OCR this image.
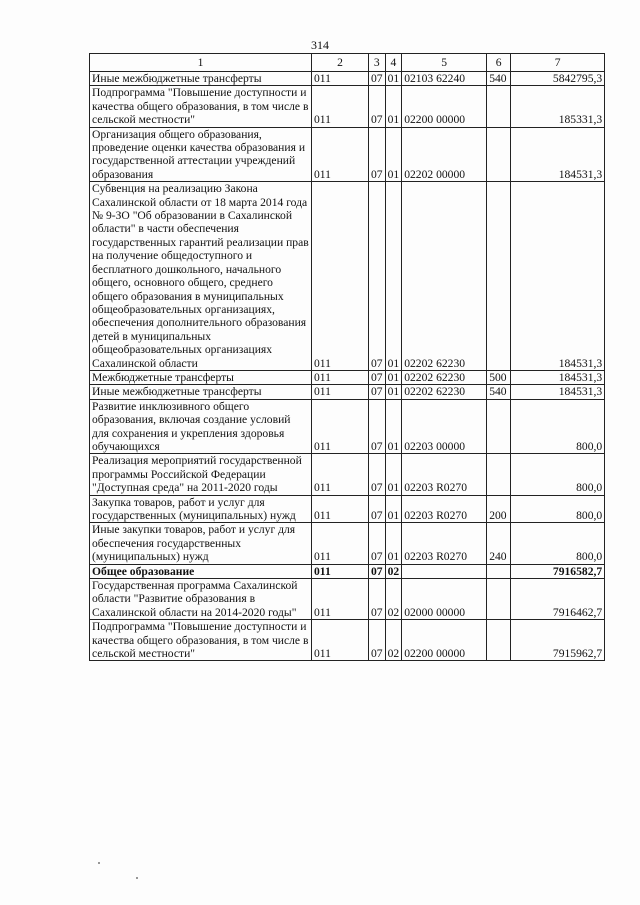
314
1	2	3	4	5	6	7
Иные межбюджетные трансферты	011	07	01	02103 62240	540	5842795,3
Подпрограмма "Повышение доступности и качества общего образования, в том числе в сельской местности"	011	07	01	02200 00000		185331,3
Организация общего образования, проведение оценки качества образования и государственной аттестации учреждений образования	011	07	01	02202 00000		184531,3
Субвенция на реализацию Закона Сахалинской области от 18 марта 2014 года № 9-ЗО "Об образовании в Сахалинской области" в части обеспечения государственных гарантий реализации прав на получение общедоступного и бесплатного дошкольного, начального общего, основного общего, среднего общего образования в муниципальных общеобразовательных организациях, обеспечения дополнительного образования детей в муниципальных общеобразовательных организациях Сахалинской области	011	07	01	02202 62230		184531,3
Межбюджетные трансферты	011	07	01	02202 62230	500	184531,3
Иные межбюджетные трансферты	011	07	01	02202 62230	540	184531,3
Развитие инклюзивного общего образования, включая создание условий для сохранения и укрепления здоровья обучающихся	011	07	01	02203 00000		800,0
Реализация мероприятий государственной программы Российской Федерации "Доступная среда" на 2011-2020 годы	011	07	01	02203 R0270		800,0
Закупка товаров, работ и услуг для государственных (муниципальных) нужд	011	07	01	02203 R0270	200	800,0
Иные закупки товаров, работ и услуг для обеспечения государственных (муниципальных) нужд	011	07	01	02203 R0270	240	800,0
Общее образование	011	07	02			7916582,7
Государственная программа Сахалинской области "Развитие образования в Сахалинской области на 2014-2020 годы"	011	07	02	02000 00000		7916462,7
Подпрограмма "Повышение доступности и качества общего образования, в том числе в сельской местности"	011	07	02	02200 00000		7915962,7
